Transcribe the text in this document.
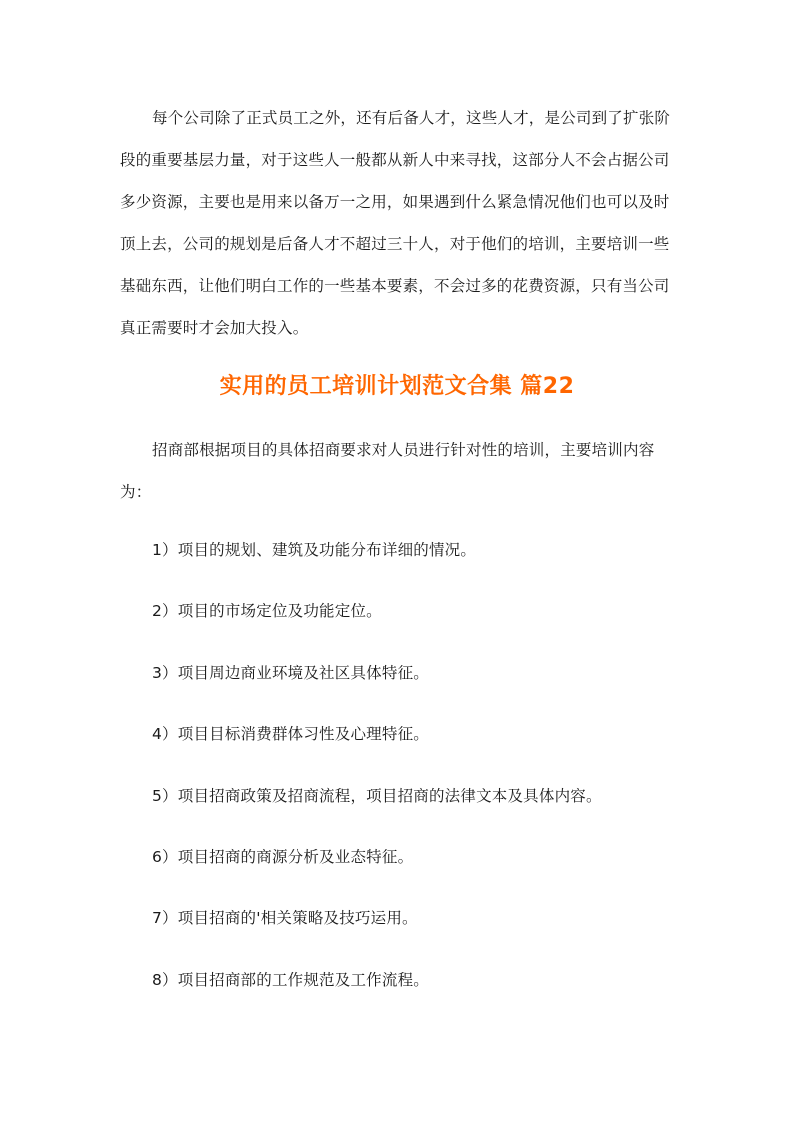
每个公司除了正式员工之外，还有后备人才，这些人才，是公司到了扩张阶
段的重要基层力量，对于这些人一般都从新人中来寻找，这部分人不会占据公司
多少资源，主要也是用来以备万一之用，如果遇到什么紧急情况他们也可以及时
顶上去，公司的规划是后备人才不超过三十人，对于他们的培训，主要培训一些
基础东西，让他们明白工作的一些基本要素，不会过多的花费资源，只有当公司
真正需要时才会加大投入。
实用的员工培训计划范文合集 篇22
招商部根据项目的具体招商要求对人员进行针对性的培训，主要培训内容
为：

1）项目的规划、建筑及功能分布详细的情况。

2）项目的市场定位及功能定位。

3）项目周边商业环境及社区具体特征。

4）项目目标消费群体习性及心理特征。

5）项目招商政策及招商流程，项目招商的法律文本及具体内容。

6）项目招商的商源分析及业态特征。

7）项目招商的'相关策略及技巧运用。

8）项目招商部的工作规范及工作流程。
